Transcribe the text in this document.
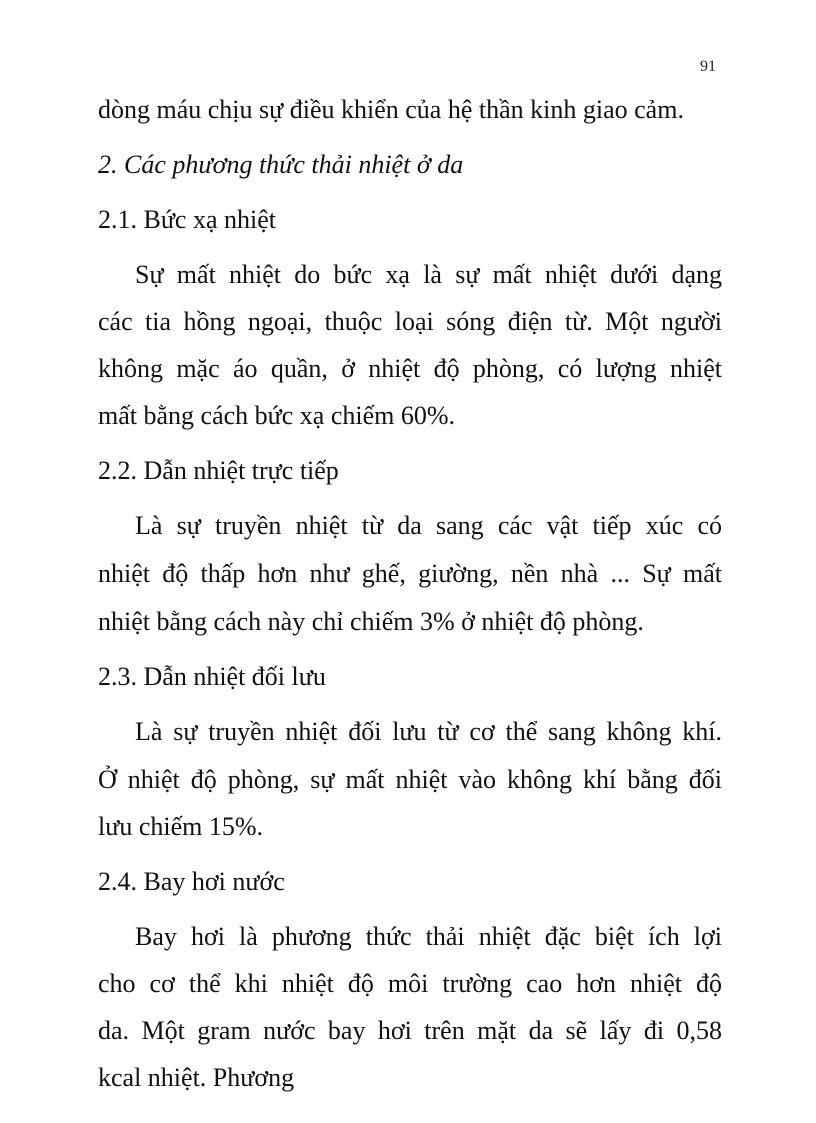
91
dòng máu chịu sự điều khiển của hệ thần kinh giao cảm.
2. Các phương thức thải nhiệt ở da
2.1. Bức xạ nhiệt
Sự mất nhiệt do bức xạ là sự mất nhiệt dưới dạng
các tia hồng ngoại, thuộc loại sóng điện từ. Một người
không mặc áo quần, ở nhiệt độ phòng, có lượng nhiệt
mất bằng cách bức xạ chiếm 60%.
2.2. Dẫn nhiệt trực tiếp
Là sự truyền nhiệt từ da sang các vật tiếp xúc có
nhiệt độ thấp hơn như ghế, giường, nền nhà ... Sự mất
nhiệt bằng cách này chỉ chiếm 3% ở nhiệt độ phòng.
2.3. Dẫn nhiệt đối lưu
Là sự truyền nhiệt đối lưu từ cơ thể sang không khí.
Ở nhiệt độ phòng, sự mất nhiệt vào không khí bằng đối
lưu chiếm 15%.
2.4. Bay hơi nước
Bay hơi là phương thức thải nhiệt đặc biệt ích lợi
cho cơ thể khi nhiệt độ môi trường cao hơn nhiệt độ
da. Một gram nước bay hơi trên mặt da sẽ lấy đi 0,58
kcal nhiệt. Phương
